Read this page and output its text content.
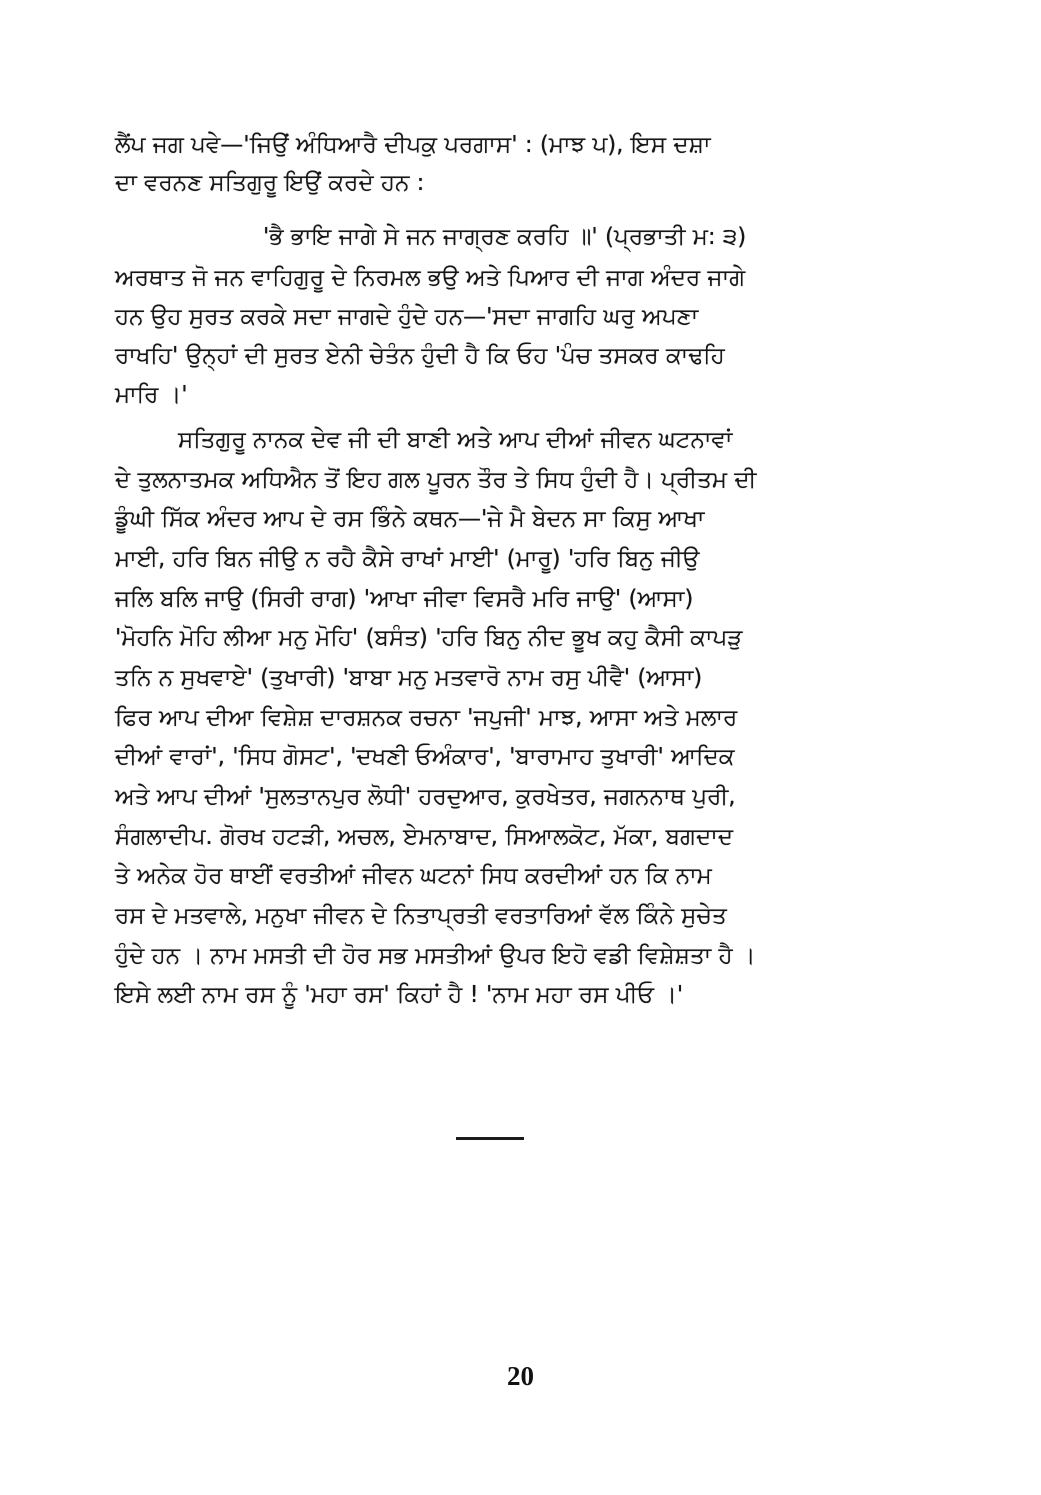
ਲੈਂਪ ਜਗ ਪਵੇ—'ਜਿਉਂ ਅੰਧਿਆਰੈ ਦੀਪਕੁ ਪਰਗਾਸ' : (ਮਾਝ ਪ), ਇਸ ਦਸ਼ਾ
ਦਾ ਵਰਨਣ ਸਤਿਗੁਰੂ ਇਉਂ ਕਰਦੇ ਹਨ :
'ਭੈ ਭਾਇ ਜਾਗੇ ਸੇ ਜਨ ਜਾਗ੍ਰਣ ਕਰਹਿ ॥' (ਪ੍ਰਭਾਤੀ ਮ: ੩)
ਅਰਥਾਤ ਜੋ ਜਨ ਵਾਹਿਗੁਰੂ ਦੇ ਨਿਰਮਲ ਭਉ ਅਤੇ ਪਿਆਰ ਦੀ ਜਾਗ ਅੰਦਰ ਜਾਗੇ
ਹਨ ਉਹ ਸੁਰਤ ਕਰਕੇ ਸਦਾ ਜਾਗਦੇ ਹੁੰਦੇ ਹਨ—'ਸਦਾ ਜਾਗਹਿ ਘਰੁ ਅਪਣਾ
ਰਾਖਹਿ' ਉਨ੍ਹਾਂ ਦੀ ਸੁਰਤ ਏਨੀ ਚੇਤੰਨ ਹੁੰਦੀ ਹੈ ਕਿ ਓਹ 'ਪੰਚ ਤਸਕਰ ਕਾਢਹਿ
ਮਾਰਿ ।'
ਸਤਿਗੁਰੂ ਨਾਨਕ ਦੇਵ ਜੀ ਦੀ ਬਾਣੀ ਅਤੇ ਆਪ ਦੀਆਂ ਜੀਵਨ ਘਟਨਾਵਾਂ
ਦੇ ਤੁਲਨਾਤਮਕ ਅਧਿਐਨ ਤੋਂ ਇਹ ਗਲ ਪੂਰਨ ਤੌਰ ਤੇ ਸਿਧ ਹੁੰਦੀ ਹੈ। ਪ੍ਰੀਤਮ ਦੀ
ਡੂੰਘੀ ਸਿੱਕ ਅੰਦਰ ਆਪ ਦੇ ਰਸ ਭਿੰਨੇ ਕਥਨ—'ਜੇ ਮੈ ਬੇਦਨ ਸਾ ਕਿਸੁ ਆਖਾ
ਮਾਈ, ਹਰਿ ਬਿਨ ਜੀਉ ਨ ਰਹੈ ਕੈਸੇ ਰਾਖਾਂ ਮਾਈ' (ਮਾਰੂ) 'ਹਰਿ ਬਿਨੁ ਜੀਉ
ਜਲਿ ਬਲਿ ਜਾਉ (ਸਿਰੀ ਰਾਗ) 'ਆਖਾ ਜੀਵਾ ਵਿਸਰੈ ਮਰਿ ਜਾਉ' (ਆਸਾ)
'ਮੋਹਨਿ ਮੋਹਿ ਲੀਆ ਮਨੁ ਮੋਹਿ' (ਬਸੰਤ) 'ਹਰਿ ਬਿਨੁ ਨੀਦ ਭੂਖ ਕਹੁ ਕੈਸੀ ਕਾਪੜੁ
ਤਨਿ ਨ ਸੁਖਵਾਏ' (ਤੁਖਾਰੀ) 'ਬਾਬਾ ਮਨੁ ਮਤਵਾਰੋ ਨਾਮ ਰਸੁ ਪੀਵੈ' (ਆਸਾ)
ਫਿਰ ਆਪ ਦੀਆ ਵਿਸ਼ੇਸ਼ ਦਾਰਸ਼ਨਕ ਰਚਨਾ 'ਜਪੁਜੀ' ਮਾਝ, ਆਸਾ ਅਤੇ ਮਲਾਰ
ਦੀਆਂ ਵਾਰਾਂ', 'ਸਿਧ ਗੋਸਟ', 'ਦਖਣੀ ਓਅੰਕਾਰ', 'ਬਾਰਾਮਾਹ ਤੁਖਾਰੀ' ਆਦਿਕ
ਅਤੇ ਆਪ ਦੀਆਂ 'ਸੁਲਤਾਨਪੁਰ ਲੋਧੀ' ਹਰਦੁਆਰ, ਕੁਰਖੇਤਰ, ਜਗਨਨਾਥ ਪੁਰੀ,
ਸੰਗਲਾਦੀਪ. ਗੋਰਖ ਹਟੜੀ, ਅਚਲ, ਏਮਨਾਬਾਦ, ਸਿਆਲਕੋਟ, ਮੱਕਾ, ਬਗਦਾਦ
ਤੇ ਅਨੇਕ ਹੋਰ ਥਾਈਂ ਵਰਤੀਆਂ ਜੀਵਨ ਘਟਨਾਂ ਸਿਧ ਕਰਦੀਆਂ ਹਨ ਕਿ ਨਾਮ
ਰਸ ਦੇ ਮਤਵਾਲੇ, ਮਨੁਖਾ ਜੀਵਨ ਦੇ ਨਿਤਾਪ੍ਰਤੀ ਵਰਤਾਰਿਆਂ ਵੱਲ ਕਿੰਨੇ ਸੁਚੇਤ
ਹੁੰਦੇ ਹਨ । ਨਾਮ ਮਸਤੀ ਦੀ ਹੋਰ ਸਭ ਮਸਤੀਆਂ ਉਪਰ ਇਹੋ ਵਡੀ ਵਿਸ਼ੇਸ਼ਤਾ ਹੈ ।
ਇਸੇ ਲਈ ਨਾਮ ਰਸ ਨੂੰ 'ਮਹਾ ਰਸ' ਕਿਹਾਂ ਹੈ ! 'ਨਾਮ ਮਹਾ ਰਸ ਪੀਓ ।'
20
